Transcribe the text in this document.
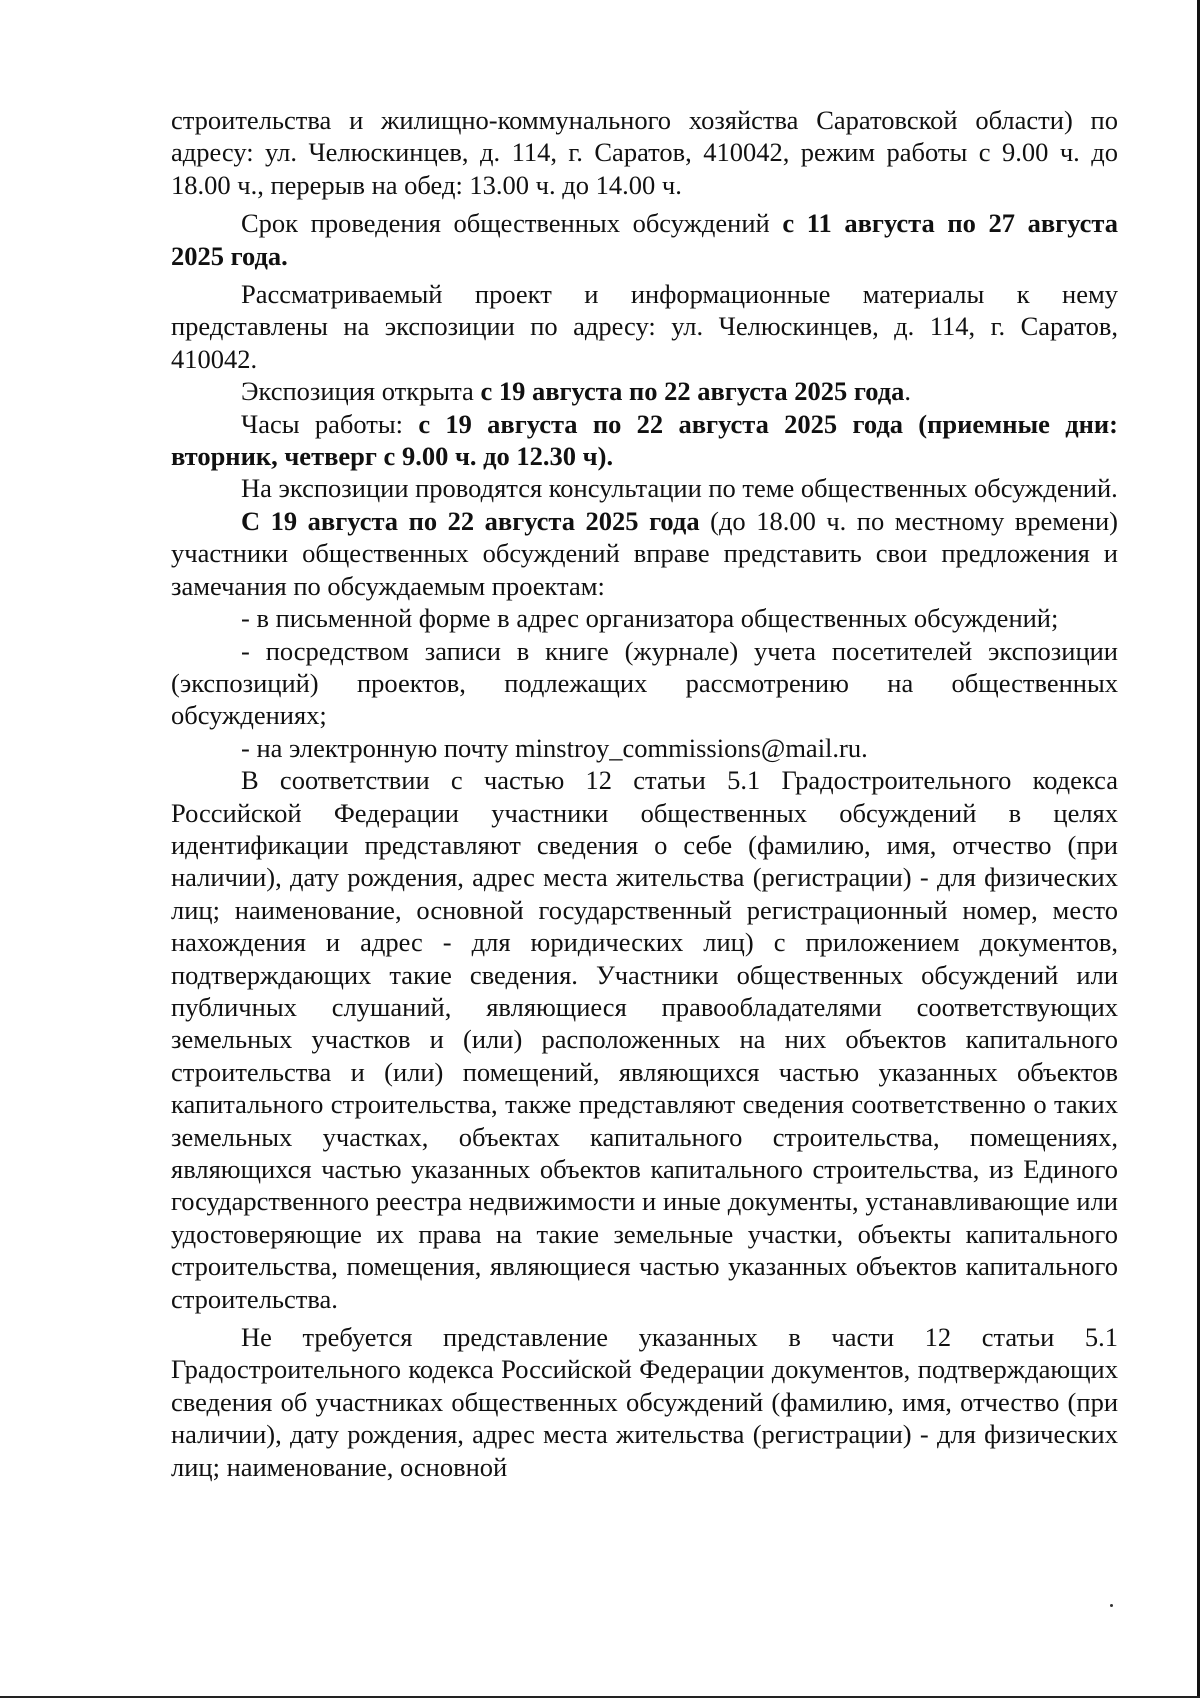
строительства и жилищно-коммунального хозяйства Саратовской области) по адресу: ул. Челюскинцев, д. 114, г. Саратов, 410042, режим работы с 9.00 ч. до 18.00 ч., перерыв на обед: 13.00 ч. до 14.00 ч.

Срок проведения общественных обсуждений с 11 августа по 27 августа 2025 года.

Рассматриваемый проект и информационные материалы к нему представлены на экспозиции по адресу: ул. Челюскинцев, д. 114, г. Саратов, 410042.

Экспозиция открыта с 19 августа по 22 августа 2025 года.

Часы работы: с 19 августа по 22 августа 2025 года (приемные дни: вторник, четверг с 9.00 ч. до 12.30 ч).

На экспозиции проводятся консультации по теме общественных обсуждений.

С 19 августа по 22 августа 2025 года (до 18.00 ч. по местному времени) участники общественных обсуждений вправе представить свои предложения и замечания по обсуждаемым проектам:

- в письменной форме в адрес организатора общественных обсуждений;

- посредством записи в книге (журнале) учета посетителей экспозиции (экспозиций) проектов, подлежащих рассмотрению на общественных обсуждениях;

- на электронную почту minstroy_commissions@mail.ru.

В соответствии с частью 12 статьи 5.1 Градостроительного кодекса Российской Федерации участники общественных обсуждений в целях идентификации представляют сведения о себе (фамилию, имя, отчество (при наличии), дату рождения, адрес места жительства (регистрации) - для физических лиц; наименование, основной государственный регистрационный номер, место нахождения и адрес - для юридических лиц) с приложением документов, подтверждающих такие сведения. Участники общественных обсуждений или публичных слушаний, являющиеся правообладателями соответствующих земельных участков и (или) расположенных на них объектов капитального строительства и (или) помещений, являющихся частью указанных объектов капитального строительства, также представляют сведения соответственно о таких земельных участках, объектах капитального строительства, помещениях, являющихся частью указанных объектов капитального строительства, из Единого государственного реестра недвижимости и иные документы, устанавливающие или удостоверяющие их права на такие земельные участки, объекты капитального строительства, помещения, являющиеся частью указанных объектов капитального строительства.

Не требуется представление указанных в части 12 статьи 5.1 Градостроительного кодекса Российской Федерации документов, подтверждающих сведения об участниках общественных обсуждений (фамилию, имя, отчество (при наличии), дату рождения, адрес места жительства (регистрации) - для физических лиц; наименование, основной
